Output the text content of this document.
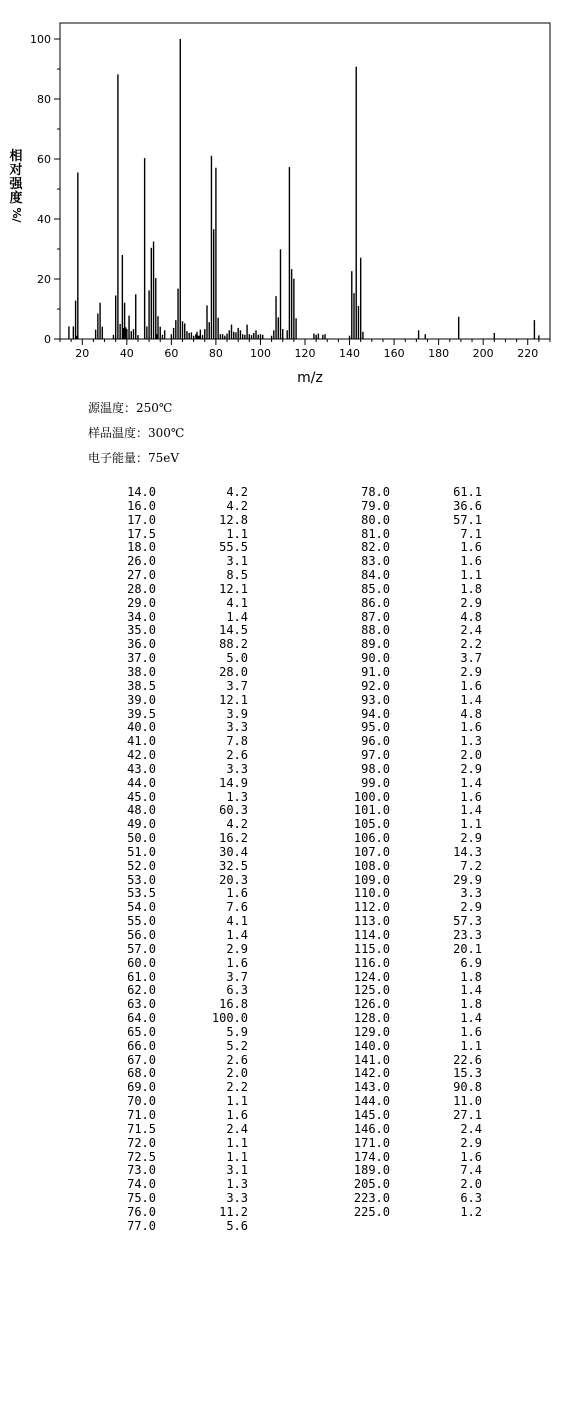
20	40	60	80 100 120 140 160 180 200 220
0
20
40
60
80
100
m/z
相对强度
%/
源温度：250℃
样品温度：300℃
电子能量：75eV
14.0	4.2
16.0	4.2
17.0	12.8
17.5	1.1
18.0	55.5
26.0	3.1
27.0	8.5
28.0	12.1
29.0	4.1
34.0	1.4
35.0	14.5
36.0	88.2
37.0	5.0
38.0	28.0
38.5	3.7
39.0	12.1
39.5	3.9
40.0	3.3
41.0	7.8
42.0	2.6
43.0	3.3
44.0	14.9
45.0	1.3
48.0	60.3
49.0	4.2
50.0	16.2
51.0	30.4
52.0	32.5
53.0	20.3
53.5	1.6
54.0	7.6
55.0	4.1
56.0	1.4
57.0	2.9
60.0	1.6
61.0	3.7
62.0	6.3
63.0	16.8
64.0	100.0
65.0	5.9
66.0	5.2
67.0	2.6
68.0	2.0
69.0	2.2
70.0	1.1
71.0	1.6
71.5	2.4
72.0	1.1
72.5	1.1
73.0	3.1
74.0	1.3
75.0	3.3
76.0	11.2
77.0	5.6
78.0	61.1
79.0	36.6
80.0	57.1
81.0	7.1
82.0	1.6
83.0	1.6
84.0	1.1
85.0	1.8
86.0	2.9
87.0	4.8
88.0	2.4
89.0	2.2
90.0	3.7
91.0	2.9
92.0	1.6
93.0	1.4
94.0	4.8
95.0	1.6
96.0	1.3
97.0	2.0
98.0	2.9
99.0	1.4
100.0	1.6
101.0	1.4
105.0	1.1
106.0	2.9
107.0	14.3
108.0	7.2
109.0	29.9
110.0	3.3
112.0	2.9
113.0	57.3
114.0	23.3
115.0	20.1
116.0	6.9
124.0	1.8
125.0	1.4
126.0	1.8
128.0	1.4
129.0	1.6
140.0	1.1
141.0	22.6
142.0	15.3
143.0	90.8
144.0	11.0
145.0	27.1
146.0	2.4
171.0	2.9
174.0	1.6
189.0	7.4
205.0	2.0
223.0	6.3
225.0	1.2
